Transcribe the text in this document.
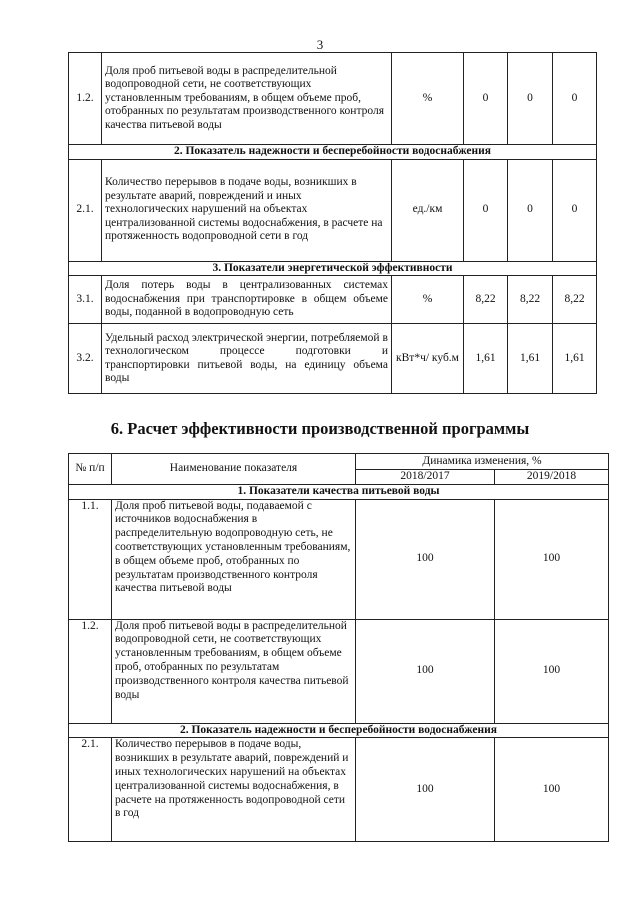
3
1.2.	Доля проб питьевой воды в распределительной водопроводной сети, не соответствующих установленным требованиям, в общем объеме проб, отобранных по результатам производственного контроля качества питьевой воды	%	0	0	0
2. Показатель надежности и бесперебойности водоснабжения					
2.1.	Количество перерывов в подаче воды, возникших в результате аварий, повреждений и иных технологических нарушений на объектах централизованной системы водоснабжения, в расчете на протяженность водопроводной сети в год	ед./км	0	0	0
3. Показатели энергетической эффективности					
3.1.	Доля потерь воды в централизованных системах водоснабжения при транспортировке в общем объеме воды, поданной в водопроводную сеть	%	8,22	8,22	8,22
3.2.	Удельный расход электрической энергии, потребляемой в технологическом процессе подготовки и транспортировки питьевой воды, на единицу объема воды	кВт*ч/ куб.м	1,61	1,61	1,61
6. Расчет эффективности производственной программы
№ п/п	Наименование показателя	Динамика изменения, %	
		2018/2017	2019/2018
1. Показатели качества питьевой воды			
1.1.	Доля проб питьевой воды, подаваемой с источников водоснабжения в распределительную водопроводную сеть, не соответствующих установленным требованиям, в общем объеме проб, отобранных по результатам производственного контроля качества питьевой воды	100	100
1.2.	Доля проб питьевой воды в распределительной водопроводной сети, не соответствующих установленным требованиям, в общем объеме проб, отобранных по результатам производственного контроля качества питьевой воды	100	100
2. Показатель надежности и бесперебойности водоснабжения			
2.1.	Количество перерывов в подаче воды, возникших в результате аварий, повреждений и иных технологических нарушений на объектах централизованной системы водоснабжения, в расчете на протяженность водопроводной сети в год	100	100
